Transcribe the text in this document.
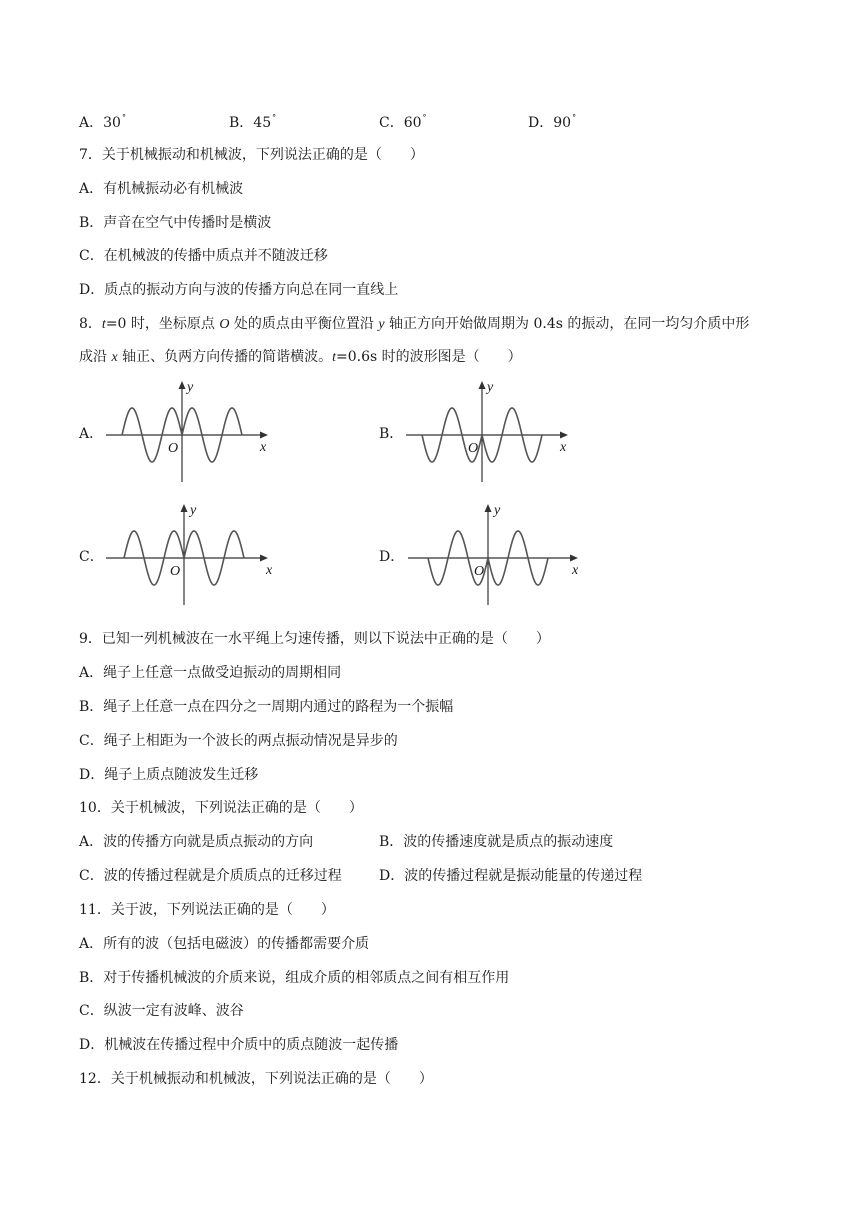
A．30°	B．45°	C．60°	D．90°
7．关于机械振动和机械波，下列说法正确的是（　　）
A．有机械振动必有机械波
B．声音在空气中传播时是横波
C．在机械波的传播中质点并不随波迁移
D．质点的振动方向与波的传播方向总在同一直线上
8．t=0 时，坐标原点 O 处的质点由平衡位置沿 y 轴正方向开始做周期为 0.4s 的振动，在同一均匀介质中形
成沿 x 轴正、负两方向传播的简谐横波。t=0.6s 时的波形图是（　　）
A．
y
x
O
B．
y
x
O
C．
y
x
O
D．
y
x
O
9．已知一列机械波在一水平绳上匀速传播，则以下说法中正确的是（　　）
A．绳子上任意一点做受迫振动的周期相同
B．绳子上任意一点在四分之一周期内通过的路程为一个振幅
C．绳子上相距为一个波长的两点振动情况是异步的
D．绳子上质点随波发生迁移
10．关于机械波，下列说法正确的是（　　）
A．波的传播方向就是质点振动的方向	B．波的传播速度就是质点的振动速度
C．波的传播过程就是介质质点的迁移过程	D．波的传播过程就是振动能量的传递过程
11．关于波，下列说法正确的是（　　）
A．所有的波（包括电磁波）的传播都需要介质
B．对于传播机械波的介质来说，组成介质的相邻质点之间有相互作用
C．纵波一定有波峰、波谷
D．机械波在传播过程中介质中的质点随波一起传播
12．关于机械振动和机械波，下列说法正确的是（　　）
